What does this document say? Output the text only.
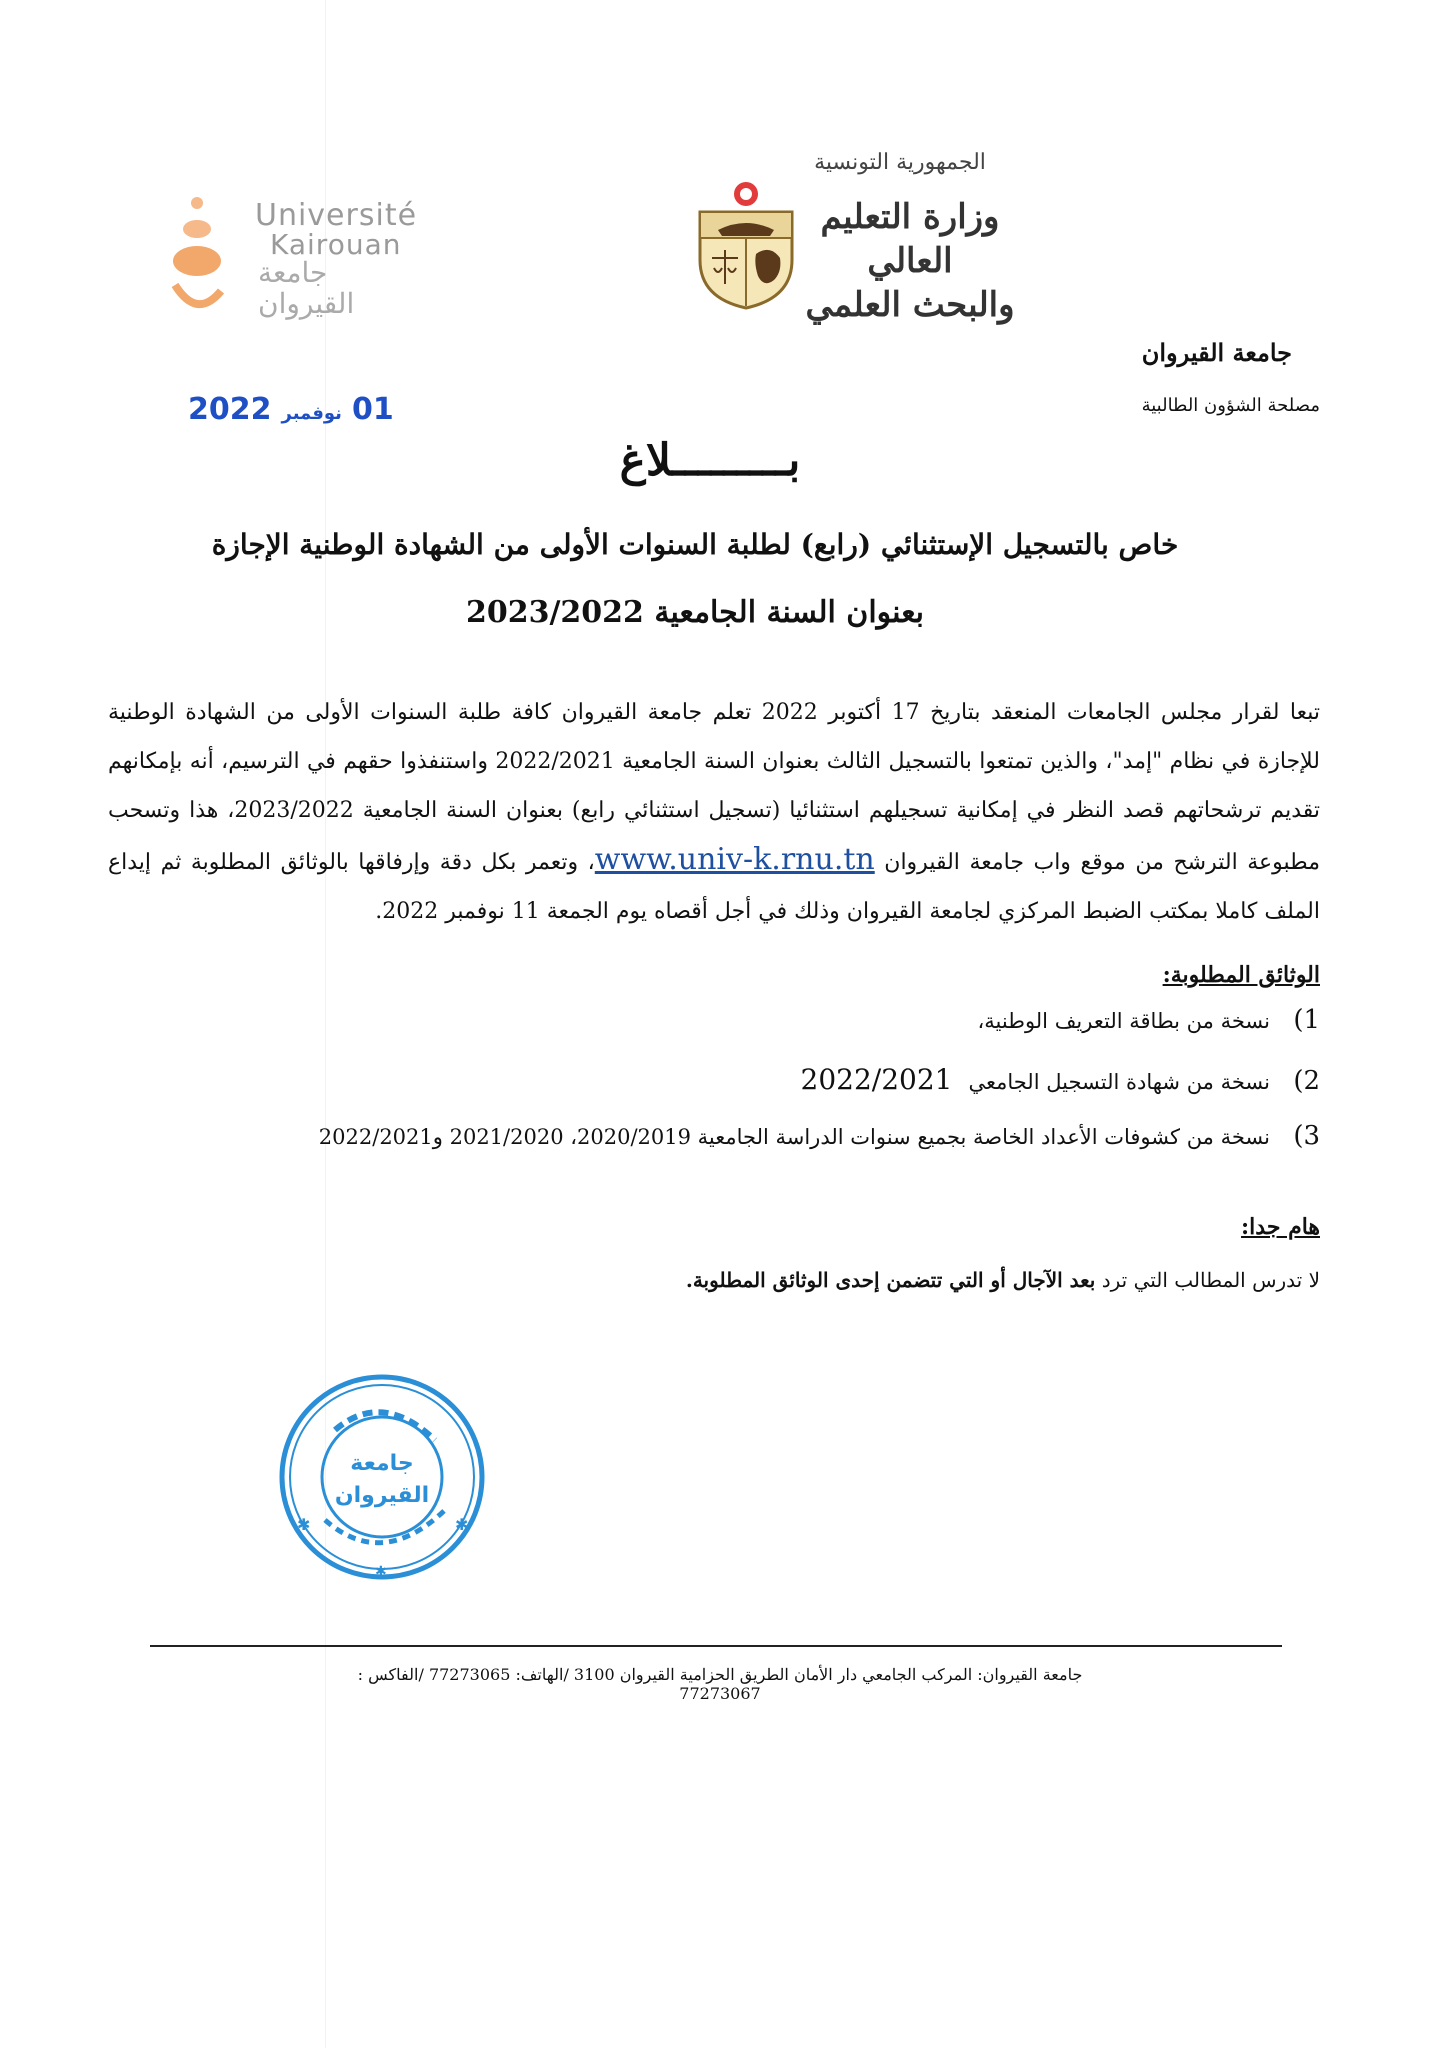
الجمهورية التونسية
وزارة التعليم العالي
والبحث العلمي
Université
Kairouan
جامعة
القيروان
جامعة القيروان
مصلحة الشؤون الطالبية
2022 نوفمبر 01
بـــــــــلاغ
خاص بالتسجيل الإستثنائي (رابع) لطلبة السنوات الأولى من الشهادة الوطنية الإجازة
بعنوان السنة الجامعية 2023/2022
تبعا لقرار مجلس الجامعات المنعقد بتاريخ 17 أكتوبر 2022 تعلم جامعة القيروان كافة طلبة السنوات الأولى من الشهادة الوطنية للإجازة في نظام "إمد"، والذين تمتعوا بالتسجيل الثالث بعنوان السنة الجامعية 2022/2021 واستنفذوا حقهم في الترسيم، أنه بإمكانهم تقديم ترشحاتهم قصد النظر في إمكانية تسجيلهم استثنائيا (تسجيل استثنائي رابع) بعنوان السنة الجامعية 2023/2022، هذا وتسحب مطبوعة الترشح من موقع واب جامعة القيروان www.univ-k.rnu.tn، وتعمر بكل دقة وإرفاقها بالوثائق المطلوبة ثم إيداع الملف كاملا بمكتب الضبط المركزي لجامعة القيروان وذلك في أجل أقصاه يوم الجمعة 11 نوفمبر 2022.
الوثائق المطلوبة:
(1
نسخة من بطاقة التعريف الوطنية،
(2
نسخة من شهادة التسجيل الجامعي
2022/2021
(3
نسخة من كشوفات الأعداد الخاصة بجميع سنوات الدراسة الجامعية 2020/2019، 2021/2020 و2022/2021
هام جدا:
لا تدرس المطالب التي ترد بعد الآجال أو التي تتضمن إحدى الوثائق المطلوبة.
✱	✱
✱
جامعة
القيروان
جامعة القيروان: المركب الجامعي دار الأمان الطريق الحزامية القيروان 3100 /الهاتف: 77273065 /الفاكس : 77273067
